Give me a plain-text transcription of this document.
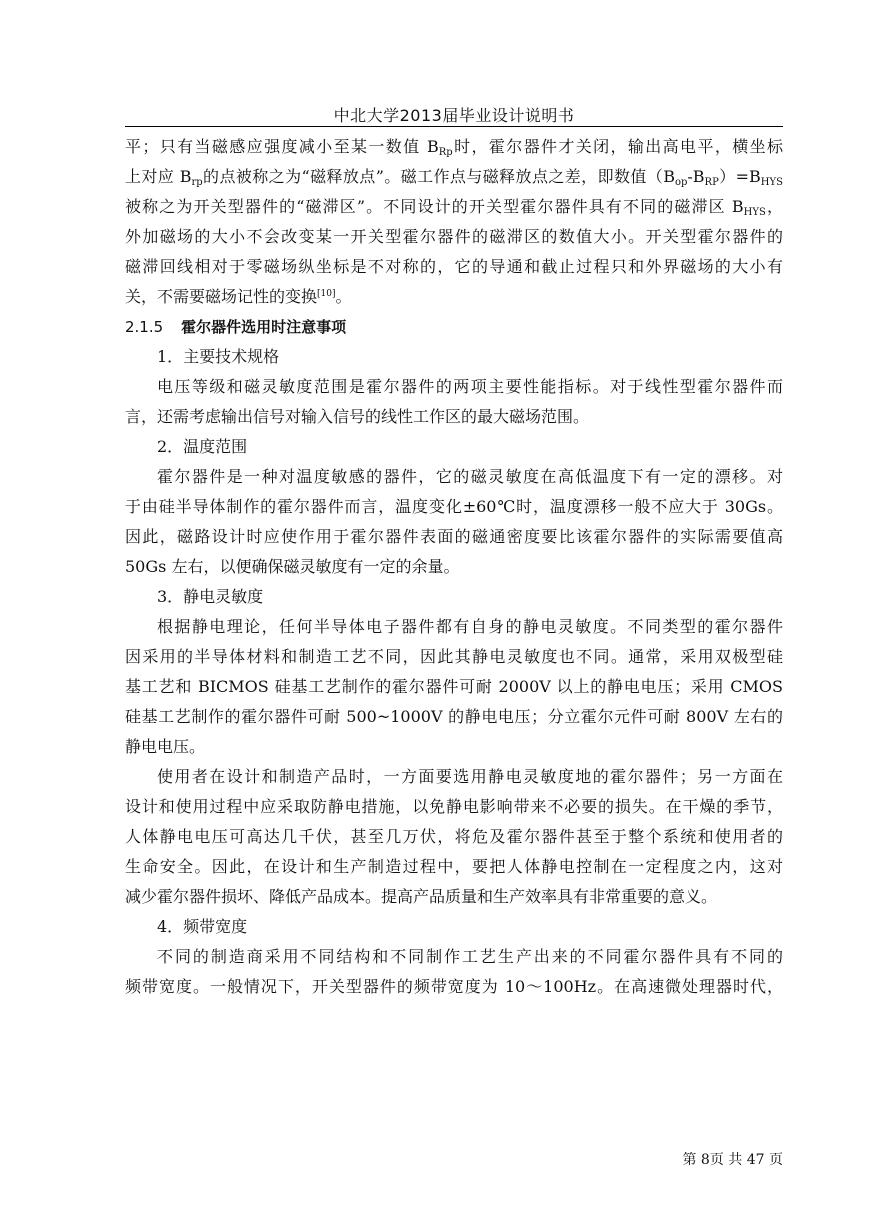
中北大学2013届毕业设计说明书
平；只有当磁感应强度减小至某一数值 $B_{Rp}$时，霍尔器件才关闭，输出高电平，横坐标
上对应 $B_{rp}$的点被称之为“磁释放点”。磁工作点与磁释放点之差，即数值$(B_{op}-B_{RP})=B_{HYS}$
被称之为开关型器件的“磁滞区”。不同设计的开关型霍尔器件具有不同的磁滞区 $B_{HYS}$，
外加磁场的大小不会改变某一开关型霍尔器件的磁滞区的数值大小。开关型霍尔器件的
磁滞回线相对于零磁场纵坐标是不对称的，它的导通和截止过程只和外界磁场的大小有
关，不需要磁场记性的变换[10]。
2.1.5 霍尔器件选用时注意事项
1．主要技术规格
电压等级和磁灵敏度范围是霍尔器件的两项主要性能指标。对于线性型霍尔器件而
言，还需考虑输出信号对输入信号的线性工作区的最大磁场范围。
2．温度范围
霍尔器件是一种对温度敏感的器件，它的磁灵敏度在高低温度下有一定的漂移。对
于由硅半导体制作的霍尔器件而言，温度变化±60℃时，温度漂移一般不应大于 30Gs。
因此，磁路设计时应使作用于霍尔器件表面的磁通密度要比该霍尔器件的实际需要值高
50Gs 左右，以便确保磁灵敏度有一定的余量。
3．静电灵敏度
根据静电理论，任何半导体电子器件都有自身的静电灵敏度。不同类型的霍尔器件
因采用的半导体材料和制造工艺不同，因此其静电灵敏度也不同。通常，采用双极型硅
基工艺和 BICMOS 硅基工艺制作的霍尔器件可耐 2000V 以上的静电电压；采用 CMOS
硅基工艺制作的霍尔器件可耐 500~1000V 的静电电压；分立霍尔元件可耐 800V 左右的
静电电压。
使用者在设计和制造产品时，一方面要选用静电灵敏度地的霍尔器件；另一方面在
设计和使用过程中应采取防静电措施，以免静电影响带来不必要的损失。在干燥的季节，
人体静电电压可高达几千伏，甚至几万伏，将危及霍尔器件甚至于整个系统和使用者的
生命安全。因此，在设计和生产制造过程中，要把人体静电控制在一定程度之内，这对
减少霍尔器件损坏、降低产品成本。提高产品质量和生产效率具有非常重要的意义。
4．频带宽度
不同的制造商采用不同结构和不同制作工艺生产出来的不同霍尔器件具有不同的
频带宽度。一般情况下，开关型器件的频带宽度为 10～100Hz。在高速微处理器时代，
第 8页 共 47 页
